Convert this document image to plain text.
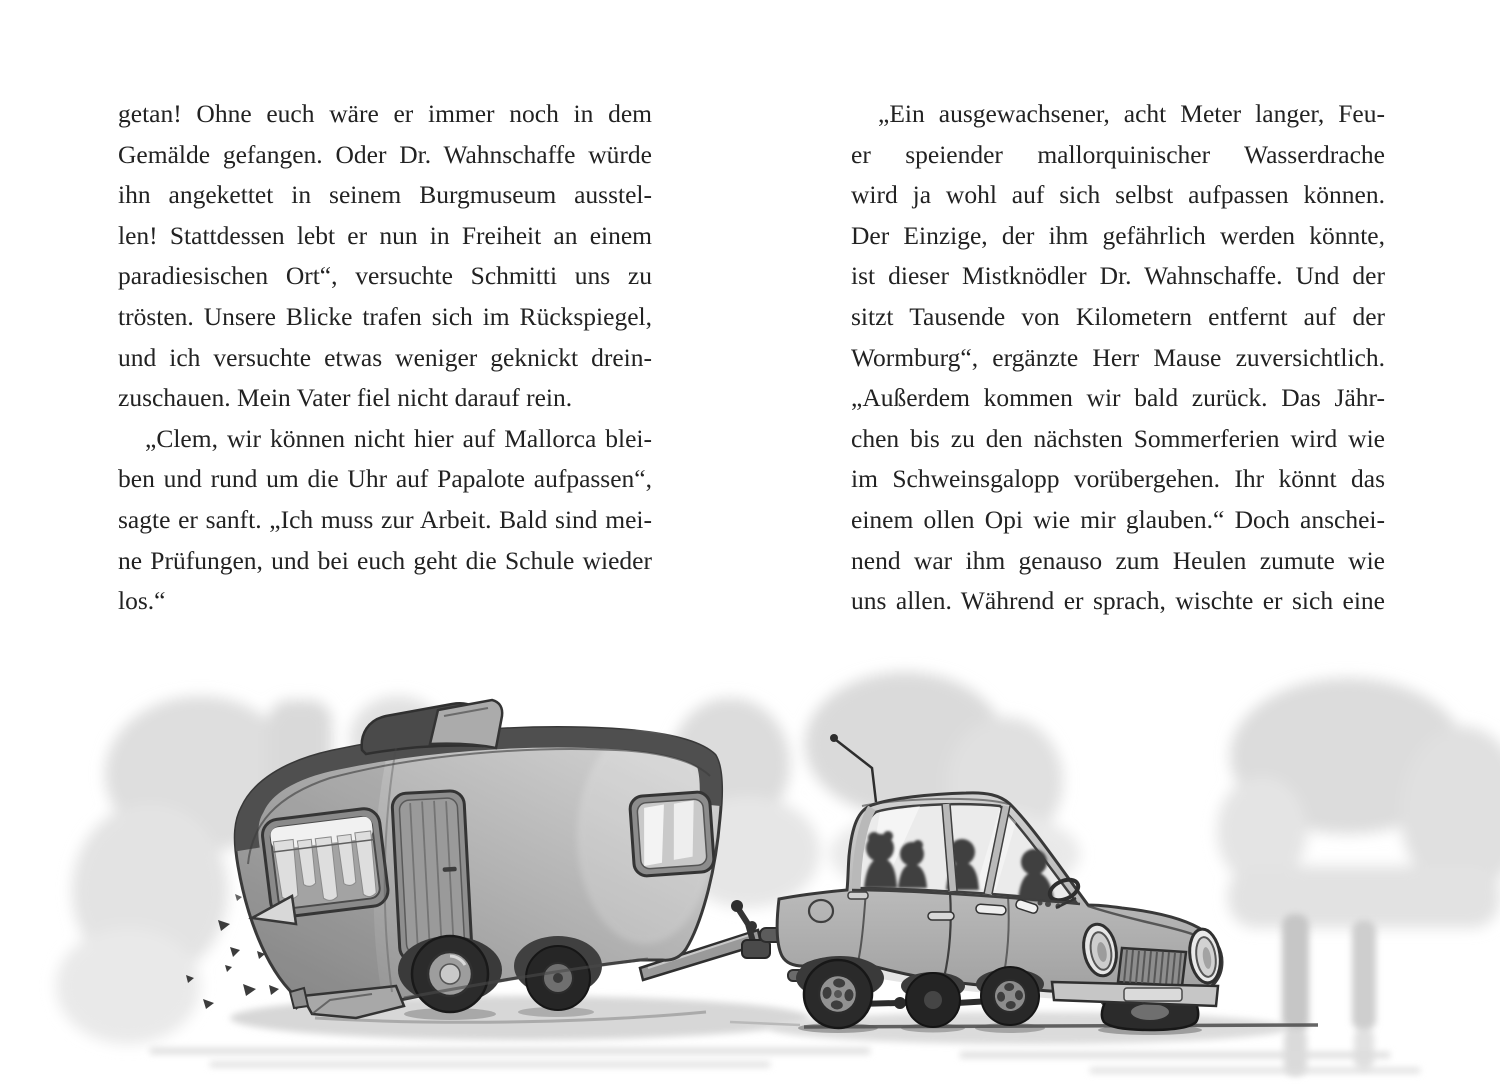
getan! Ohne euch wäre er immer noch in dem
Gemälde gefangen. Oder Dr. Wahnschaffe würde
ihn angekettet in seinem Burgmuseum ausstel-
len! Stattdessen lebt er nun in Freiheit an einem
paradiesischen Ort“, versuchte Schmitti uns zu
trösten. Unsere Blicke trafen sich im Rückspiegel,
und ich versuchte etwas weniger geknickt drein-
zuschauen. Mein Vater fiel nicht darauf rein.
„Clem, wir können nicht hier auf Mallorca blei-
ben und rund um die Uhr auf Papalote aufpassen“,
sagte er sanft. „Ich muss zur Arbeit. Bald sind mei-
ne Prüfungen, und bei euch geht die Schule wieder
los.“
„Ein ausgewachsener, acht Meter langer, Feu-
er speiender mallorquinischer Wasserdrache
wird ja wohl auf sich selbst aufpassen können.
Der Einzige, der ihm gefährlich werden könnte,
ist dieser Mistknödler Dr. Wahnschaffe. Und der
sitzt Tausende von Kilometern entfernt auf der
Wormburg“, ergänzte Herr Mause zuversichtlich.
„Außerdem kommen wir bald zurück. Das Jähr-
chen bis zu den nächsten Sommerferien wird wie
im Schweinsgalopp vorübergehen. Ihr könnt das
einem ollen Opi wie mir glauben.“ Doch anschei-
nend war ihm genauso zum Heulen zumute wie
uns allen. Während er sprach, wischte er sich eine
